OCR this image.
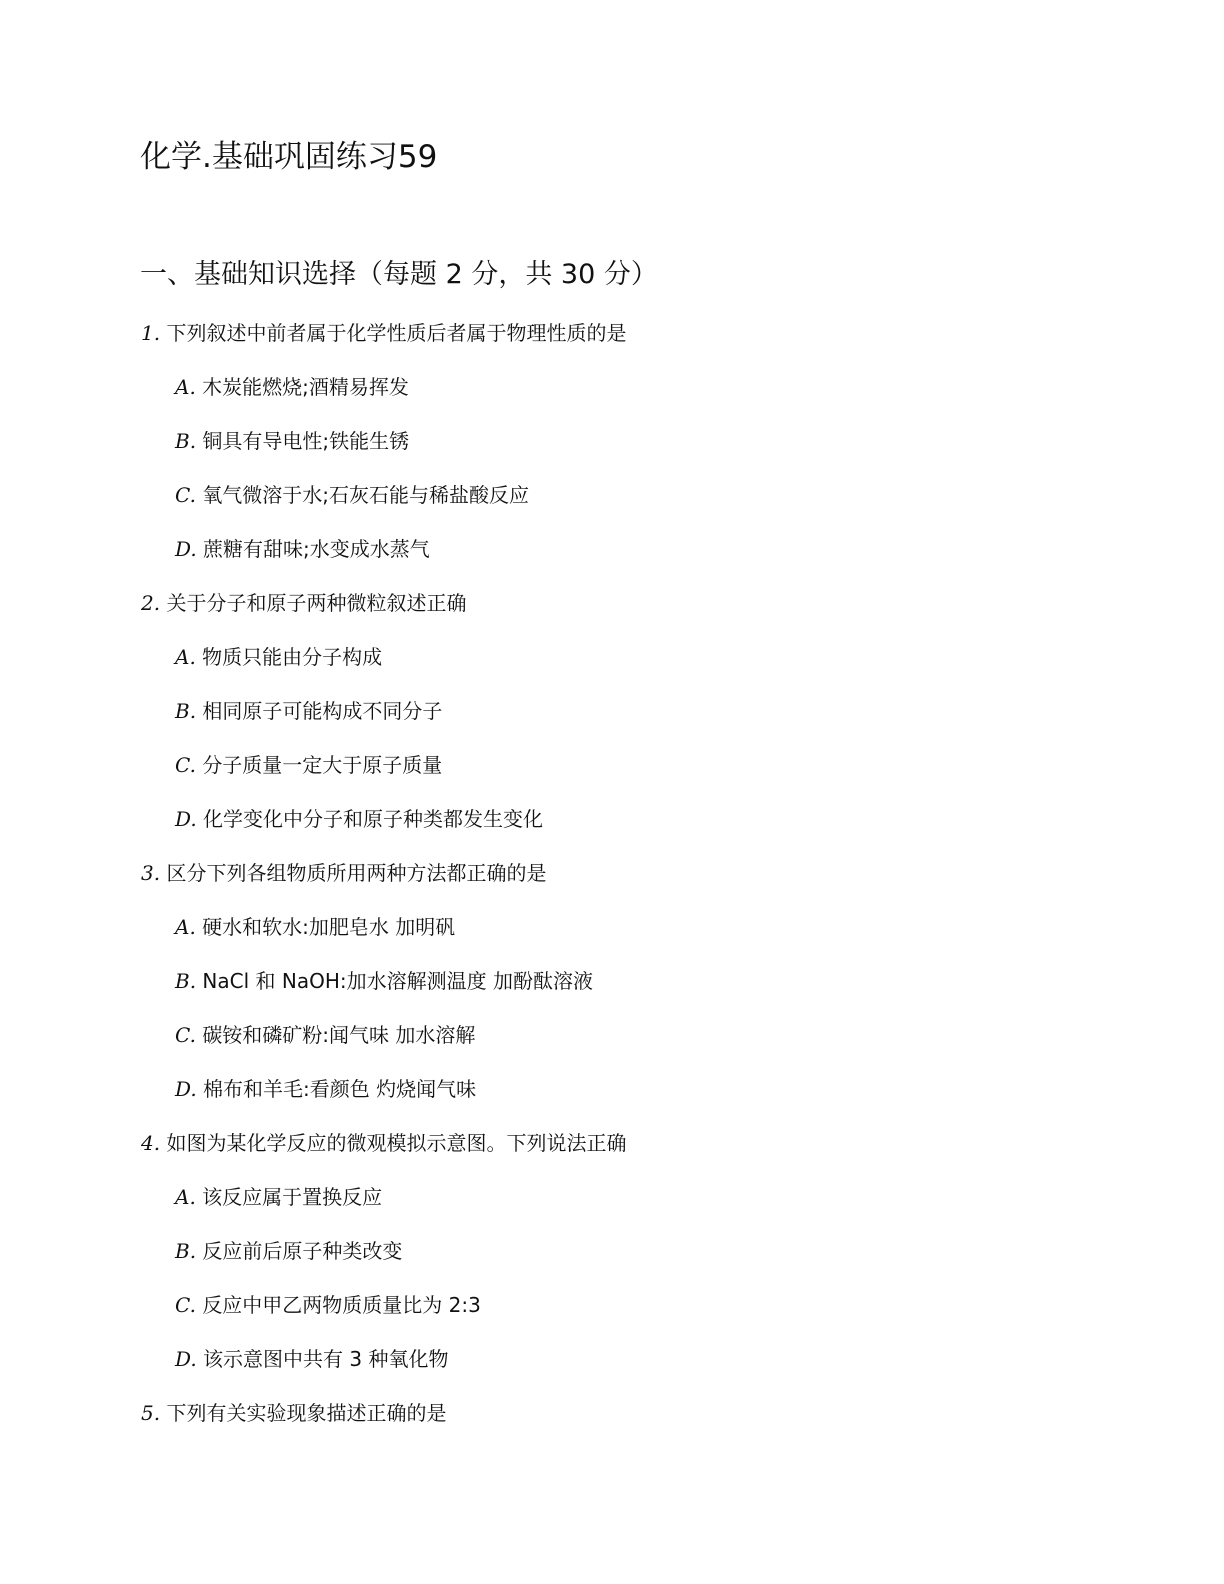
化学.基础巩固练习59
一、基础知识选择（每题 2 分，共 30 分）
1. 下列叙述中前者属于化学性质后者属于物理性质的是
A. 木炭能燃烧;酒精易挥发
B. 铜具有导电性;铁能生锈
C. 氧气微溶于水;石灰石能与稀盐酸反应
D. 蔗糖有甜味;水变成水蒸气
2. 关于分子和原子两种微粒叙述正确
A. 物质只能由分子构成
B. 相同原子可能构成不同分子
C. 分子质量一定大于原子质量
D. 化学变化中分子和原子种类都发生变化
3. 区分下列各组物质所用两种方法都正确的是
A. 硬水和软水:加肥皂水 加明矾
B. NaCl 和 NaOH:加水溶解测温度 加酚酞溶液
C. 碳铵和磷矿粉:闻气味 加水溶解
D. 棉布和羊毛:看颜色 灼烧闻气味
4. 如图为某化学反应的微观模拟示意图。下列说法正确
A. 该反应属于置换反应
B. 反应前后原子种类改变
C. 反应中甲乙两物质质量比为 2:3
D. 该示意图中共有 3 种氧化物
5. 下列有关实验现象描述正确的是
